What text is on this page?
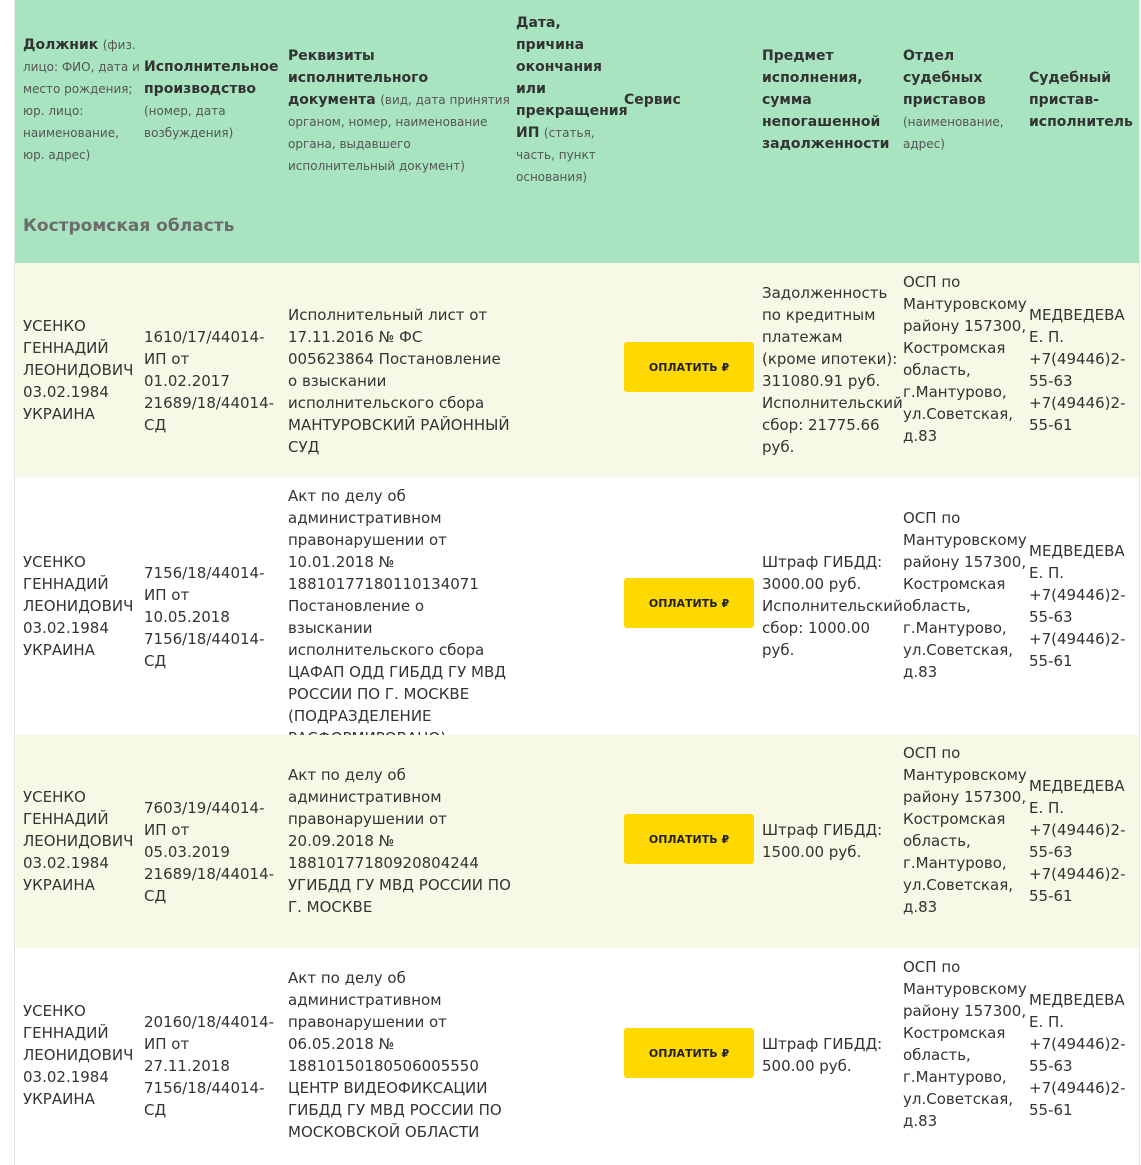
Должник (физ. лицо: ФИО, дата и место рождения; юр. лицо: наименование, юр. адрес)
Исполнительное производство
(номер, дата возбуждения)
Реквизиты исполнительного документа (вид, дата принятия органом, номер, наименование органа, выдавшего исполнительный документ)
Дата, причина окончания или прекращения ИП (статья, часть, пункт основания)
Сервис
Предмет исполнения, сумма непогашенной задолженности
Отдел судебных приставов
(наименование, адрес)
Судебный пристав-исполнитель
Костромская область
УСЕНКО ГЕННАДИЙ ЛЕОНИДОВИЧ 03.02.1984 УКРАИНА
1610/17/44014-ИП от 01.02.2017 21689/18/44014-СД
Исполнительный лист от 17.11.2016 № ФС 005623864 Постановление о взыскании исполнительского сбора МАНТУРОВСКИЙ РАЙОННЫЙ СУД
ОПЛАТИТЬ ₽
Задолженность по кредитным платежам (кроме ипотеки): 311080.91 руб. Исполнительский сбор: 21775.66 руб.
ОСП по Мантуровскому району 157300, Костромская область, г.Мантурово, ул.Советская, д.83
МЕДВЕДЕВА Е. П. +7(49446)2-55-63 +7(49446)2-55-61
УСЕНКО ГЕННАДИЙ ЛЕОНИДОВИЧ 03.02.1984 УКРАИНА
7156/18/44014-ИП от 10.05.2018 7156/18/44014-СД
Акт по делу об административном правонарушении от 10.01.2018 № 18810177180110134071 Постановление о взыскании исполнительского сбора ЦАФАП ОДД ГИБДД ГУ МВД РОССИИ ПО Г. МОСКВЕ (ПОДРАЗДЕЛЕНИЕ
ОПЛАТИТЬ ₽
Штраф ГИБДД: 3000.00 руб. Исполнительский сбор: 1000.00 руб.
ОСП по Мантуровскому району 157300, Костромская область, г.Мантурово, ул.Советская, д.83
МЕДВЕДЕВА Е. П. +7(49446)2-55-63 +7(49446)2-55-61
УСЕНКО ГЕННАДИЙ ЛЕОНИДОВИЧ 03.02.1984 УКРАИНА
7603/19/44014-ИП от 05.03.2019 21689/18/44014-СД
Акт по делу об административном правонарушении от 20.09.2018 № 18810177180920804244 УГИБДД ГУ МВД РОССИИ ПО Г. МОСКВЕ
ОПЛАТИТЬ ₽	Штраф ГИБДД: 1500.00 руб.
ОСП по Мантуровскому району 157300, Костромская область, г.Мантурово, ул.Советская, д.83
МЕДВЕДЕВА Е. П. +7(49446)2-55-63 +7(49446)2-55-61
УСЕНКО ГЕННАДИЙ ЛЕОНИДОВИЧ 03.02.1984 УКРАИНА
20160/18/44014-ИП от 27.11.2018 7156/18/44014-СД
Акт по делу об административном правонарушении от 06.05.2018 № 18810150180506005550 ЦЕНТР ВИДЕОФИКСАЦИИ ГИБДД ГУ МВД РОССИИ ПО МОСКОВСКОЙ ОБЛАСТИ
ОПЛАТИТЬ ₽	Штраф ГИБДД: 500.00 руб.
ОСП по Мантуровскому району 157300, Костромская область, г.Мантурово, ул.Советская, д.83
МЕДВЕДЕВА Е. П. +7(49446)2-55-63 +7(49446)2-55-61
